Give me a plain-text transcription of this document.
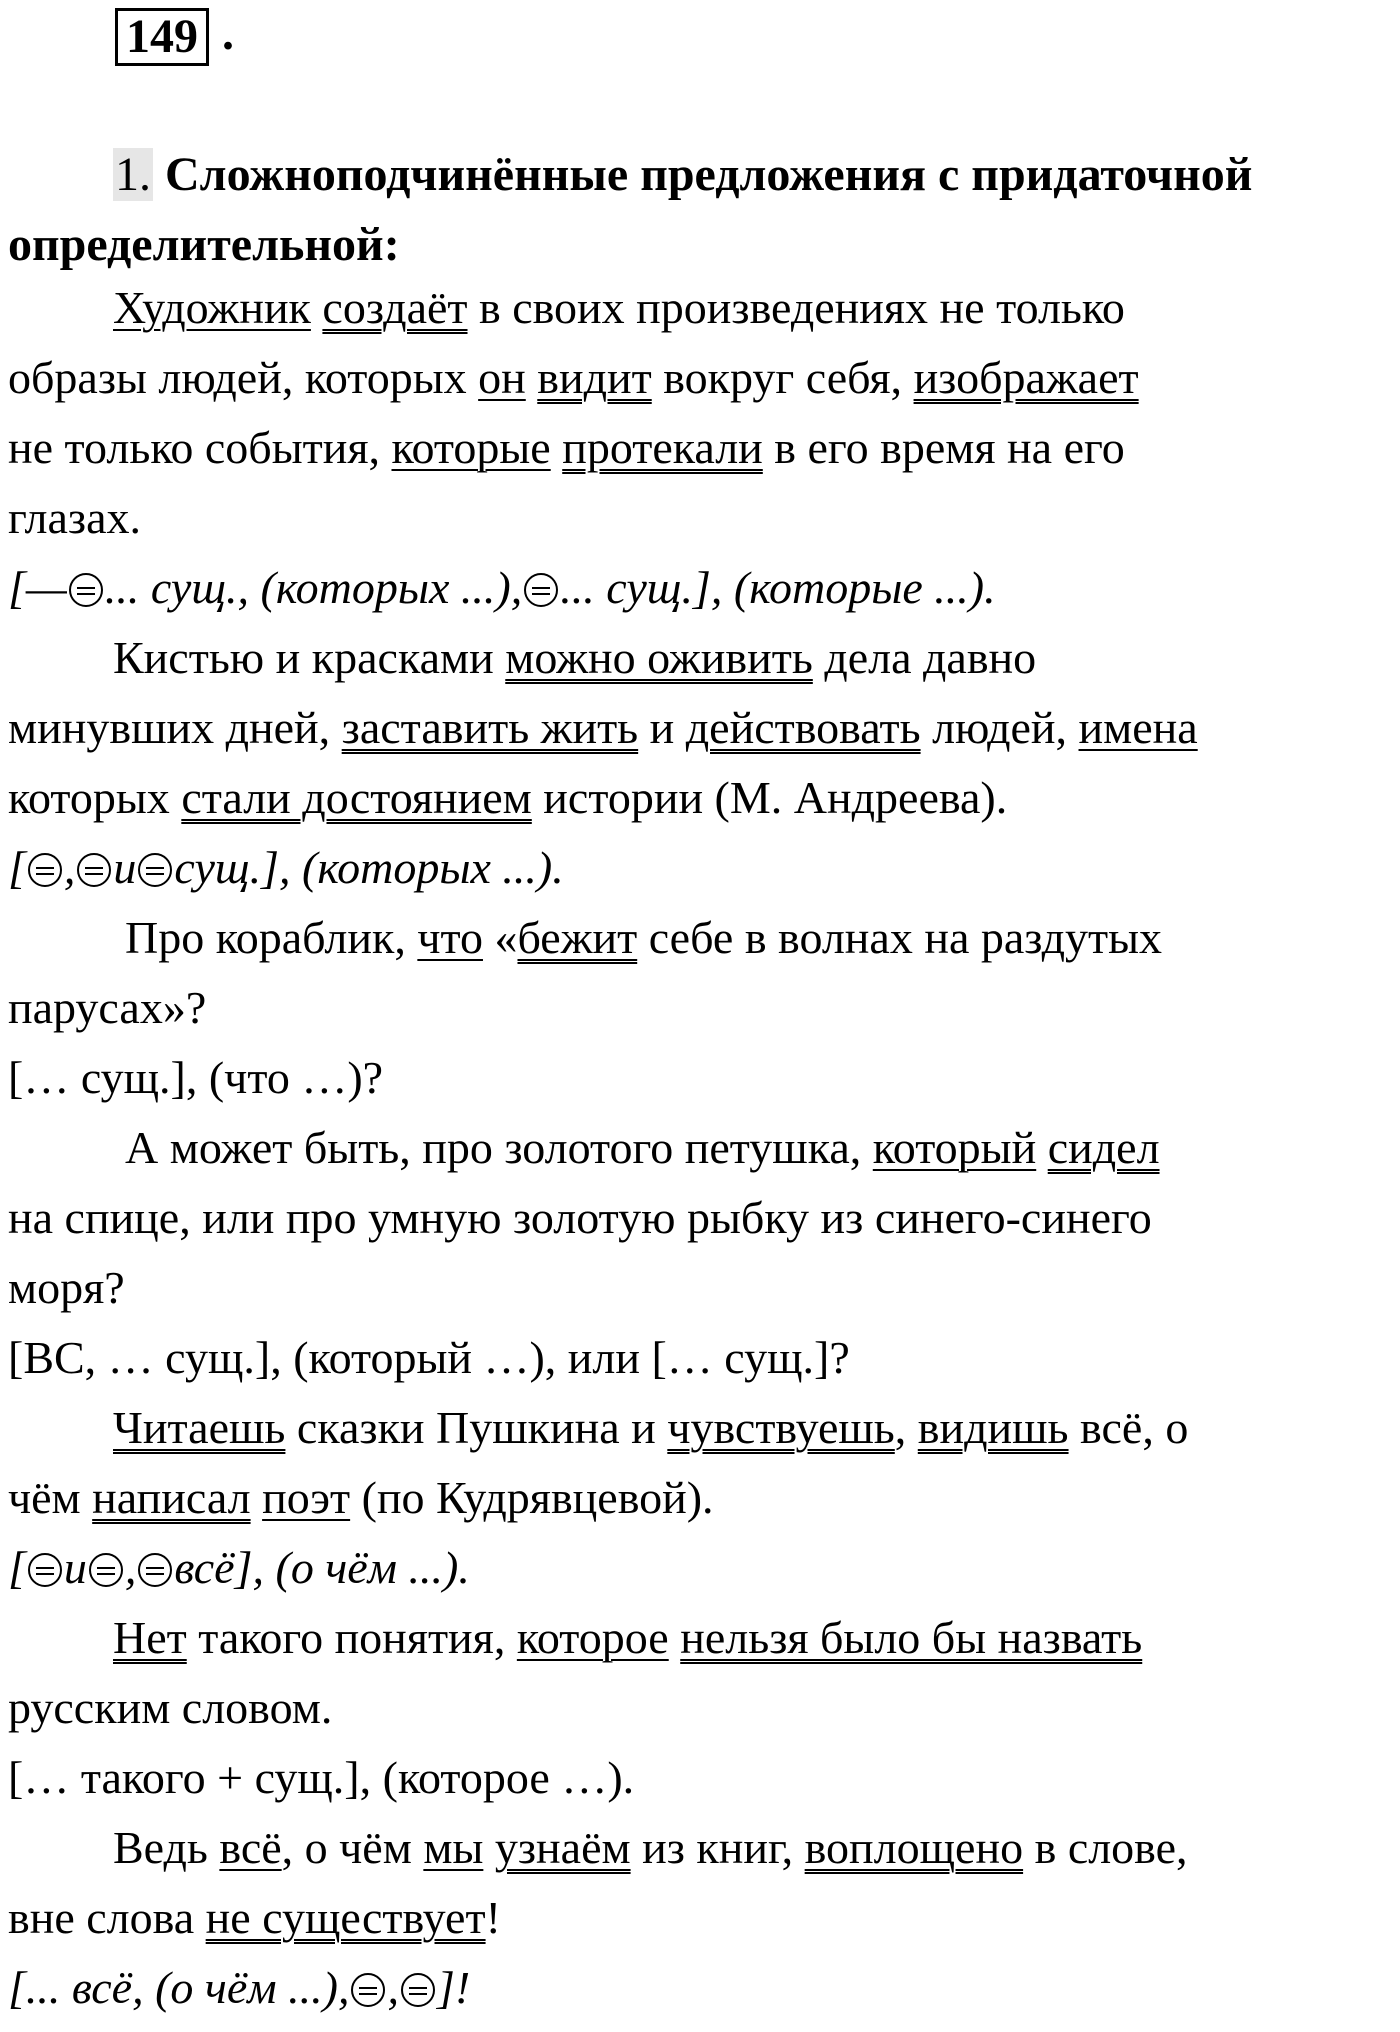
149 .
1. Сложноподчинённые предложения с придаточной
определительной:
Художник создаёт в своих произведениях не только
образы людей, которых он видит вокруг себя, изображает
не только события, которые протекали в его время на его
глазах.
[— ... сущ., (которых ...), ... сущ.], (которые ...).
Кистью и красками можно оживить дела давно
минувших дней, заставить жить и действовать людей, имена
которых стали достоянием истории (М. Андреева).
[ , и сущ.], (которых ...).
Про кораблик, что «бежит себе в волнах на раздутых
парусах»?
[… сущ.], (что …)?
А может быть, про золотого петушка, который сидел
на спице, или про умную золотую рыбку из синего-синего
моря?
[ВС, … сущ.], (который …), или [… сущ.]?
Читаешь сказки Пушкина и чувствуешь, видишь всё, о
чём написал поэт (по Кудрявцевой).
[ и , всё], (о чём ...).
Нет такого понятия, которое нельзя было бы назвать
русским словом.
[… такого + сущ.], (которое …).
Ведь всё, о чём мы узнаём из книг, воплощено в слове,
вне слова не существует!
[... всё, (о чём ...), , ]!
